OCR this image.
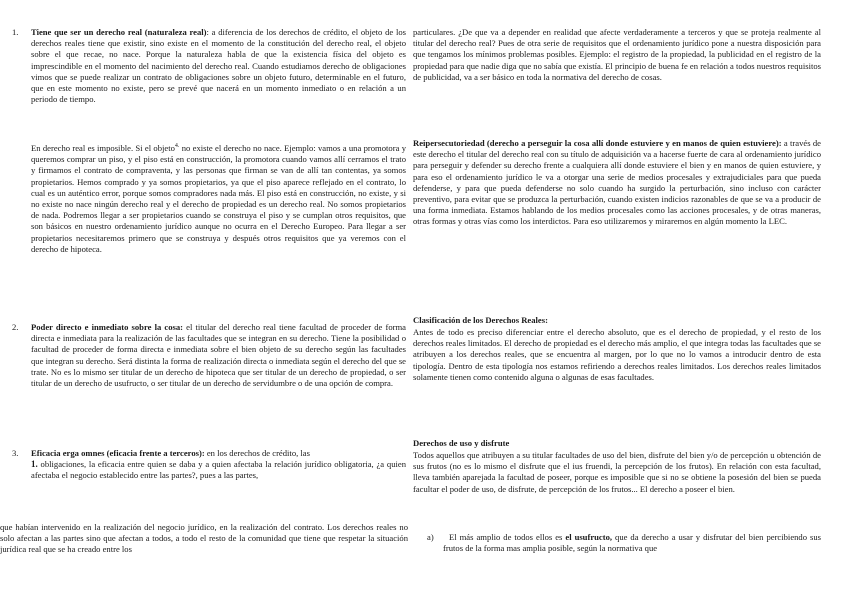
1. Tiene que ser un derecho real (naturaleza real): a diferencia de los derechos de crédito, el objeto de los derechos reales tiene que existir, sino existe en el momento de la constitución del derecho real, el objeto sobre el que recae, no nace. Porque la naturaleza habla de que la existencia física del objeto es imprescindible en el momento del nacimiento del derecho real. Cuando estudiamos derecho de obligaciones vimos que se puede realizar un contrato de obligaciones sobre un objeto futuro, determinable en el futuro, que en este momento no existe, pero se prevé que nacerá en un momento inmediato o en relación a un periodo de tiempo.

En derecho real es imposible. Si el objeto$^{4.}$ no existe el derecho no nace. Ejemplo: vamos a una promotora y queremos comprar un piso, y el piso está en construcción, la promotora cuando vamos allí cerramos el trato y firmamos el contrato de compraventa, y las personas que firman se van de allí tan contentas, ya somos propietarios. Hemos comprado y ya somos propietarios, ya que el piso aparece reflejado en el contrato, lo cual es un auténtico error, porque somos compradores nada más. El piso está en construcción, no existe, y si no existe no nace ningún derecho real y el derecho de propiedad es un derecho real. No somos propietarios de nada. Podremos llegar a ser propietarios cuando se construya el piso y se cumplan otros requisitos, que son básicos en nuestro ordenamiento jurídico aunque no ocurra en el Derecho Europeo. Para llegar a ser propietarios necesitaremos primero que se construya y después otros requisitos que ya veremos con el derecho de hipoteca.

2. Poder directo e inmediato sobre la cosa: el titular del derecho real tiene facultad de proceder de forma directa e inmediata para la realización de las facultades que se integran en su derecho. Tiene la posibilidad o facultad de proceder de forma directa e inmediata sobre el bien objeto de su derecho según las facultades que integran su derecho. Será distinta la forma de realización directa o inmediata según el derecho del que se trate. No es lo mismo ser titular de un derecho de hipoteca que ser titular de un derecho de propiedad, o ser titular de un derecho de usufructo, o ser titular de un derecho de servidumbre o de una opción de compra.

3. Eficacia erga omnes (eficacia frente a terceros): en los derechos de crédito, las
1. obligaciones, la eficacia entre quien se daba y a quien afectaba la relación jurídico obligatoria, ¿a quien afectaba el negocio establecido entre las partes?, pues a las partes,

que habían intervenido en la realización del negocio jurídico, en la realización del contrato. Los derechos reales no solo afectan a las partes sino que afectan a todos, a todo el resto de la comunidad que tiene que respetar la situación jurídica real que se ha creado entre los

particulares. ¿De que va a depender en realidad que afecte verdaderamente a terceros y que se proteja realmente al titular del derecho real? Pues de otra serie de requisitos que el ordenamiento jurídico pone a nuestra disposición para que tengamos los mínimos problemas posibles. Ejemplo: el registro de la propiedad, la publicidad en el registro de la propiedad para que nadie diga que no sabía que existía. El principio de buena fe en relación a todos nuestros requisitos de publicidad, va a ser básico en toda la normativa del derecho de cosas.

Reipersecutoriedad (derecho a perseguir la cosa allí donde estuviere y en manos de quien estuviere): a través de este derecho el titular del derecho real con su título de adquisición va a hacerse fuerte de cara al ordenamiento jurídico para perseguir y defender su derecho frente a cualquiera allí donde estuviere el bien y en manos de quien estuviere, y para eso el ordenamiento jurídico le va a otorgar una serie de medios procesales y extrajudiciales para que pueda defenderse, y para que pueda defenderse no solo cuando ha surgido la perturbación, sino incluso con carácter preventivo, para evitar que se produzca la perturbación, cuando existen indicios razonables de que se va a producir de una forma inmediata. Estamos hablando de los medios procesales como las acciones procesales, y de otras maneras, otras formas y otras vías como los interdictos. Para eso utilizaremos y miraremos en algún momento la LEC.

Clasificación de los Derechos Reales:

Antes de todo es preciso diferenciar entre el derecho absoluto, que es el derecho de propiedad, y el resto de los derechos reales limitados. El derecho de propiedad es el derecho más amplio, el que integra todas las facultades que se atribuyen a los derechos reales, que se encuentra al margen, por lo que no lo vamos a introducir dentro de esta tipología. Dentro de esta tipología nos estamos refiriendo a derechos reales limitados. Los derechos reales limitados solamente tienen como contenido alguna o algunas de esas facultades.

Derechos de uso y disfrute

Todos aquellos que atribuyen a su titular facultades de uso del bien, disfrute del bien y/o de percepción u obtención de sus frutos (no es lo mismo el disfrute que el ius fruendi, la percepción de los frutos). En relación con esta facultad, lleva también aparejada la facultad de poseer, porque es imposible que si no se obtiene la posesión del bien se pueda facultar el poder de uso, de disfrute, de percepción de los frutos... El derecho a poseer el bien.

a)	El más amplio de todos ellos es el usufructo, que da derecho a usar y disfrutar del bien percibiendo sus frutos de la forma mas amplia posible, según la normativa que
